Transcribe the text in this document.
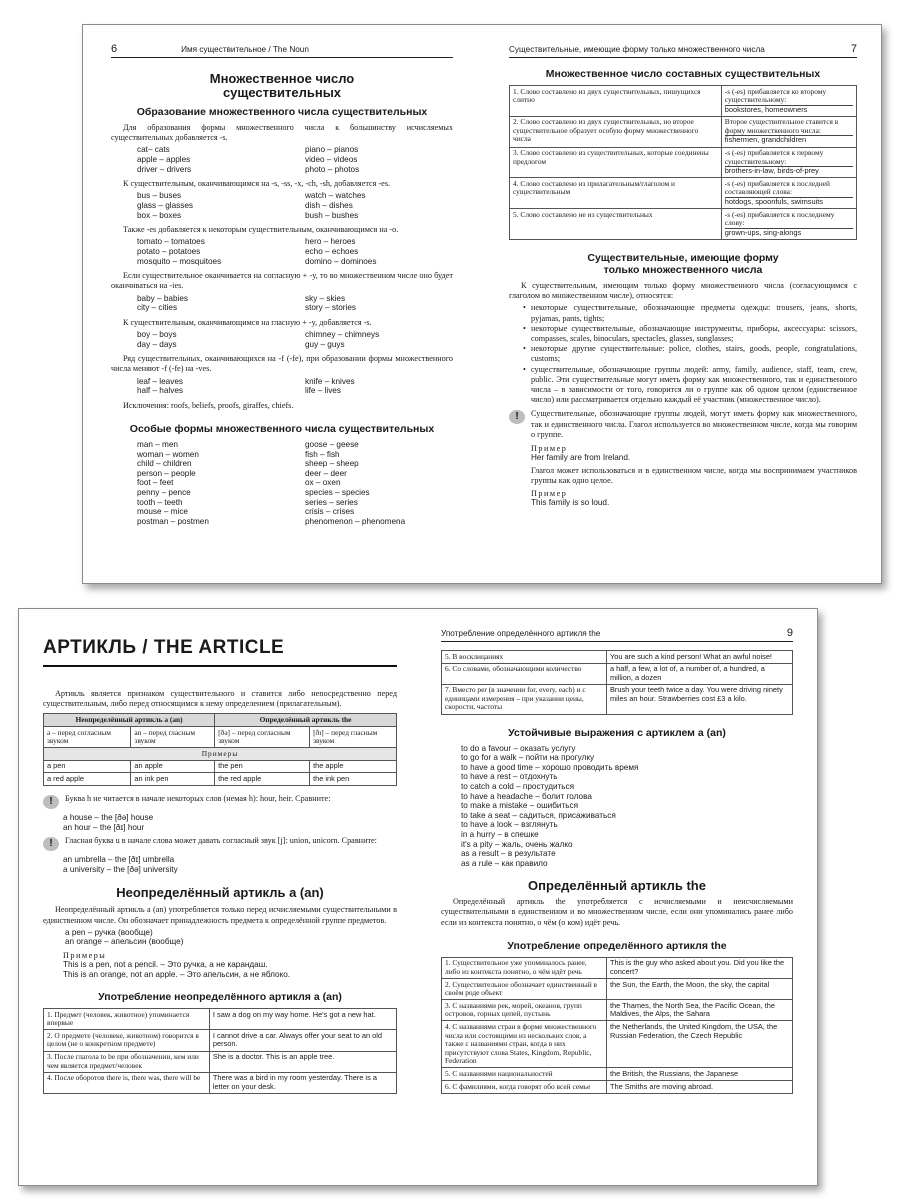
6	Имя существительное / The Noun
Множественное число
существительных
Образование множественного числа существительных

Для образования формы множественного числа к большинству исчисляемых существительных добавляется -s.

cat– cats	piano – pianos
apple – apples	video – videos
driver – drivers	photo – photos

К существительным, оканчивающимся на -s, -ss, -x, -ch, -sh, добавляется -es.

bus – buses	watch – watches
glass – glasses	dish – dishes
box – boxes	bush – bushes

Также -es добавляется к некоторым существительным, оканчивающимся на -o.

tomato – tomatoes	hero – heroes
potato – potatoes	echo – echoes
mosquito – mosquitoes	domino – dominoes

Если существительное оканчивается на согласную + -y, то во множественном числе оно будет оканчиваться на -ies.

baby – babies	sky – skies
city – cities	story – stories

К существительным, оканчивающимся на гласную + -y, добавляется -s.

boy – boys	chimney – chimneys
day – days	guy – guys

Ряд существительных, оканчивающихся на -f (-fe), при образовании формы множественного числа меняют -f (-fe) на -ves.

leaf – leaves	knife – knives
half – halves	life – lives

Исключения: roofs, beliefs, proofs, giraffes, chiefs.

Особые формы множественного числа существительных
man – men	goose – geese
woman – women	fish – fish
child – children	sheep – sheep
person – people	deer – deer
foot – feet	ox – oxen
penny – pence	species – species
tooth – teeth	series – series
mouse – mice	crisis – crises
postman – postmen	phenomenon – phenomena
Существительные, имеющие форму только множественного числа	7
Множественное число составных существительных
1. Слово составлено из двух существительных, пишущихся слитно	-s (-es) прибавляется ко второму существительному:
bookstores, homeowners
2. Слово составлено из двух существительных, но второе существительное образует особую форму множественного числа	Второе существительное ставится в форму множественного числа:
fishermen, grandchildren
3. Слово составлено из существительных, которые соединены предлогом	-s (-es) прибавляется к первому существительному:
brothers-in-law, birds-of-prey
4. Слово составлено из прилагательным/глаголом и существительным	-s (-es) прибавляется к последней составляющей слова:
hotdogs, spoonfuls, swimsuits
5. Слово составлено не из существительных	-s (-es) прибавляется к последнему слову:
grown-ups, sing-alongs
Существительные, имеющие форму
только множественного числа

К существительным, имеющим только форму множественного числа (согласующимся с глаголом во множественном числе), относятся:

• некоторые существительные, обозначающие предметы одежды: trousers, jeans, shorts, pyjamas, pants, tights;
• некоторые существительные, обозначающие инструменты, приборы, аксессуары: scissors, compasses, scales, binoculars, spectacles, glasses, sunglasses;
• некоторые другие существительные: police, clothes, stairs, goods, people, congratulations, customs;
• существительные, обозначающие группы людей: army, family, audience, staff, team, crew, public. Эти существительные могут иметь форму как множественного, так и единственного числа – в зависимости от того, говорится ли о группе как об одном целом (единственное число) или рассматривается отдельно каждый её участник (множественное число).
!	Существительные, обозначающие группы людей, могут иметь форму как множественного, так и единственного числа. Глагол используется во множественном числе, когда мы говорим о группе.
Пример
Her family are from Ireland.

Глагол может использоваться и в единственном числе, когда мы воспринимаем участников группы как одно целое.

Пример
This family is so loud.
АРТИКЛЬ / THE ARTICLE

Артикль является признаком существительного и ставится либо непосредственно перед существительным, либо перед относящимся к нему определением (прилагательным).

Неопределённый артикль a (an)		Определённый артикль the	
a – перед согласным звуком	an – перед гласным звуком	[ðə] – перед согласным звуком	[ðɪ] – перед гласным звуком
Примеры			
a pen	an apple	the pen	the apple
a red apple	an ink pen	the red apple	the ink pen
!	Буква h не читается в начале некоторых слов (немая h): hour, heir. Сравните:
a house – the [ðə] house
an hour – the [ðɪ] hour
!	Гласная буква u в начале слова может давать согласный звук [j]: union, unicorn. Сравните:
an umbrella – the [ðɪ] umbrella
a university – the [ðə] university
Неопределённый артикль a (an)

Неопределённый артикль a (an) употребляется только перед исчисляемыми существительными в единственном числе. Он обозначает принадлежность предмета к определённой группе предметов.

a pen – ручка (вообще)
an orange – апельсин (вообще)
Примеры
This is a pen, not a pencil. – Это ручка, а не карандаш.
This is an orange, not an apple. – Это апельсин, а не яблоко.
Употребление неопределённого артикля a (an)
1. Предмет (человек, животное) упоминается впервые	I saw a dog on my way home. He's got a new hat.
2. О предмете (человеке, животном) говорится в целом (не о конкретном предмете)	I cannot drive a car. Always offer your seat to an old person.
3. После глагола to be при обозначении, кем или чем является предмет/человек	She is a doctor. This is an apple tree.
4. После оборотов there is, there was, there will be	There was a bird in my room yesterday. There is a letter on your desk.
Употребление определённого артикля the	9
5. В восклицаниях	You are such a kind person! What an awful noise!
6. Со словами, обозначающими количество	a half, a few, a lot of, a number of, a hundred, a million, a dozen
7. Вместо per (в значении for, every, each) и с единицами измерения – при указании цены, скорости, частоты	Brush your teeth twice a day. You were driving ninety miles an hour. Strawberries cost £3 a kilo.
Устойчивые выражения с артиклем a (an)
to do a favour – оказать услугу
to go for a walk – пойти на прогулку
to have a good time – хорошо проводить время
to have a rest – отдохнуть
to catch a cold – простудиться
to have a headache – болит голова
to make a mistake – ошибиться
to take a seat – садиться, присаживаться
to have a look – взглянуть
in a hurry – в спешке
it's a pity – жаль, очень жалко
as a result – в результате
as a rule – как правило
Определённый артикль the

Определённый артикль the употребляется с исчисляемыми и неисчисляемыми существительными в единственном и во множественном числе, если они упоминались ранее либо если из контекста понятно, о чём (о ком) идёт речь.

Употребление определённого артикля the
1. Существительное уже упоминалось ранее, либо из контекста понятно, о чём идёт речь	This is the guy who asked about you. Did you like the concert?
2. Существительное обозначает единственный в своём роде объект	the Sun, the Earth, the Moon, the sky, the capital
3. С названиями рек, морей, океанов, групп островов, горных цепей, пустынь	the Thames, the North Sea, the Pacific Ocean, the Maldives, the Alps, the Sahara
4. С названиями стран в форме множественного числа или состоящими из нескольких слов, а также с названиями стран, когда в них присутствуют слова States, Kingdom, Republic, Federation	the Netherlands, the United Kingdom, the USA, the Russian Federation, the Czech Republic
5. С названиями национальностей	the British, the Russians, the Japanese
6. С фамилиями, когда говорят обо всей семье	The Smiths are moving abroad.
